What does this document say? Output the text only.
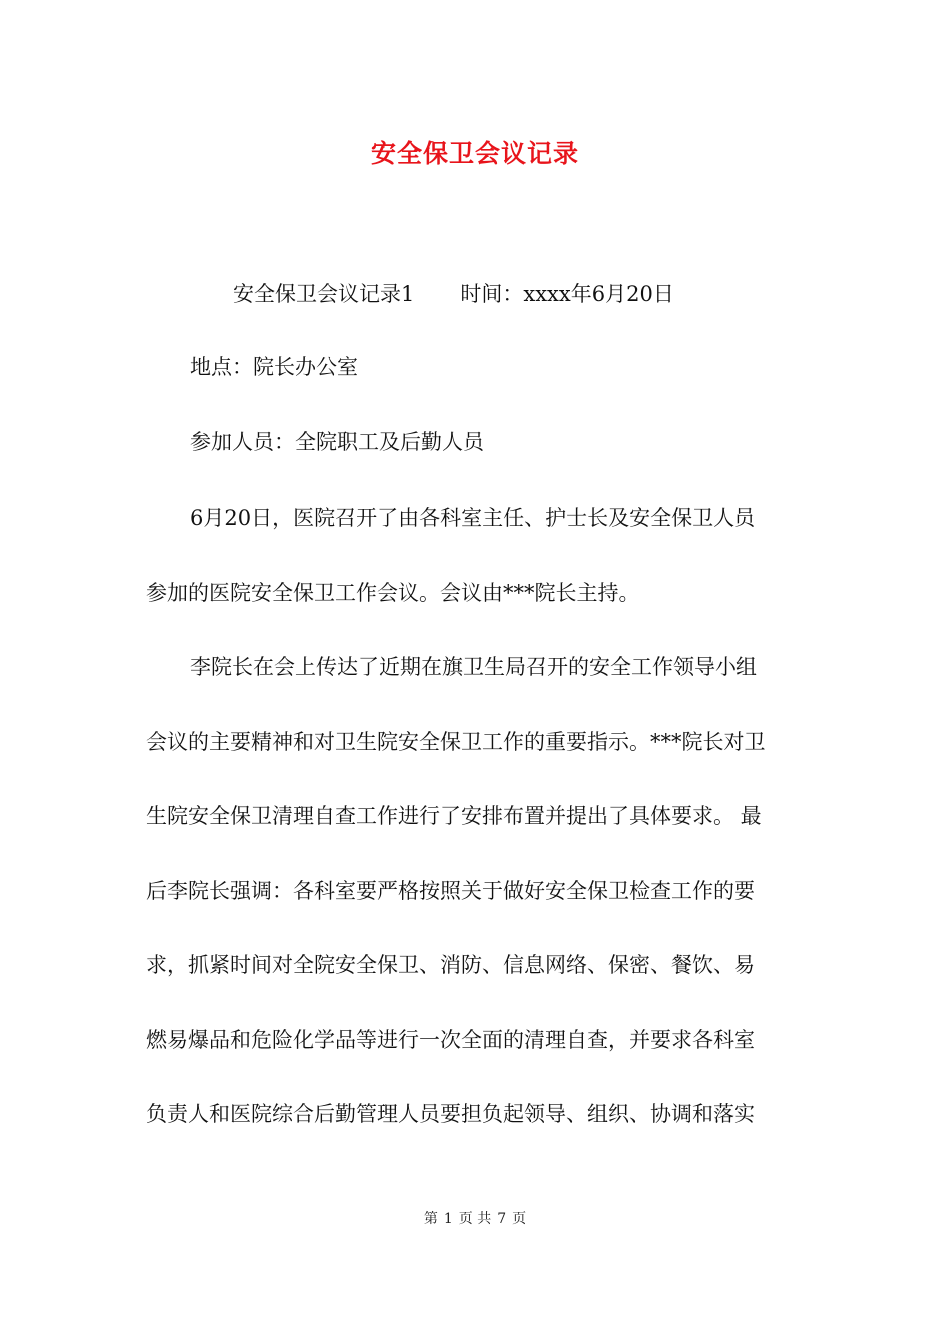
安全保卫会议记录
安全保卫会议记录1 时间：xxxx年6月20日
地点：院长办公室
参加人员：全院职工及后勤人员
6月20日，医院召开了由各科室主任、护士长及安全保卫人员
参加的医院安全保卫工作会议。会议由***院长主持。
李院长在会上传达了近期在旗卫生局召开的安全工作领导小组
会议的主要精神和对卫生院安全保卫工作的重要指示。***院长对卫
生院安全保卫清理自查工作进行了安排布置并提出了具体要求。 最
后李院长强调：各科室要严格按照关于做好安全保卫检查工作的要
求，抓紧时间对全院安全保卫、消防、信息网络、保密、餐饮、易
燃易爆品和危险化学品等进行一次全面的清理自查，并要求各科室
负责人和医院综合后勤管理人员要担负起领导、组织、协调和落实
第 1 页 共 7 页
